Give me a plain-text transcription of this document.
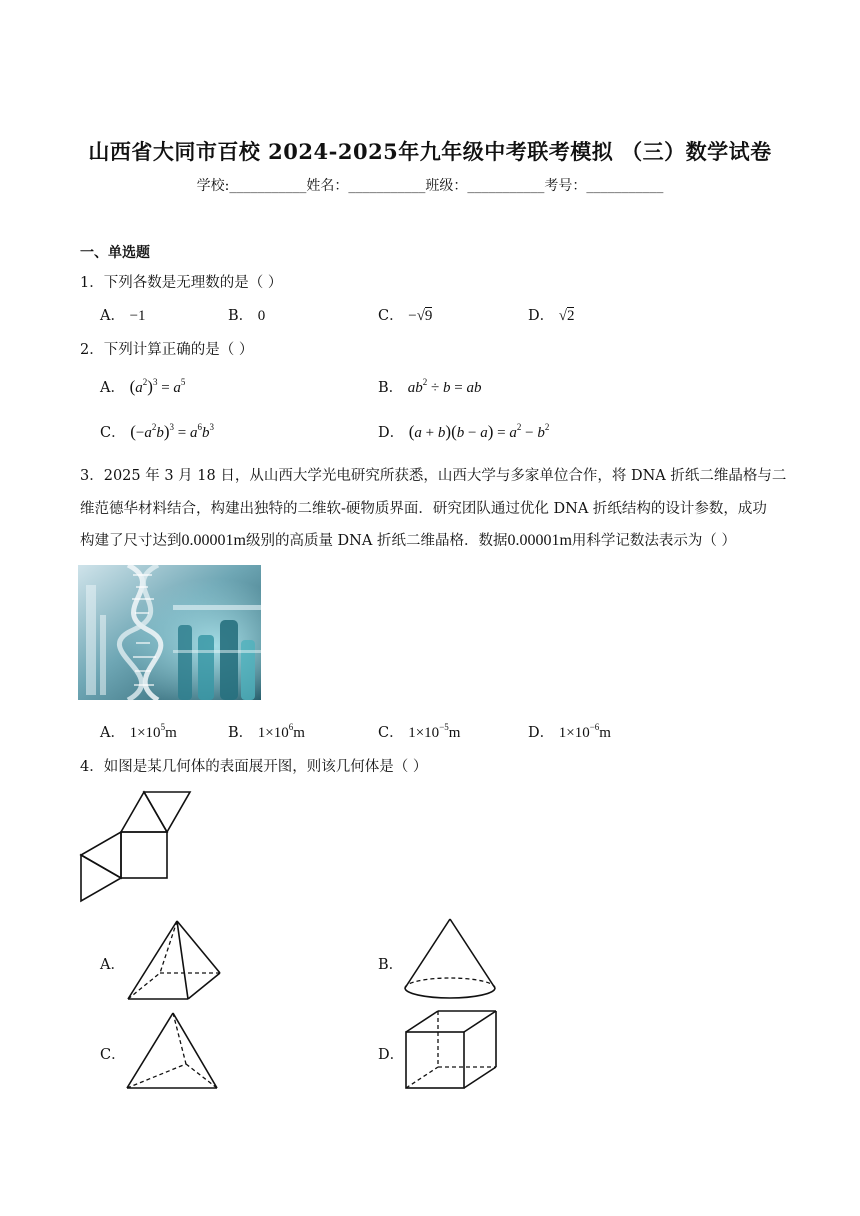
山西省大同市百校 2024-2025年九年级中考联考模拟 （三）数学试卷
学校:___________姓名：___________班级：___________考号：___________
一、单选题
1．下列各数是无理数的是（ ）
A． −1	B． 0	C． −√9	D． √2
2．下列计算正确的是（ ）
A． $(a^2)^3 = a^5$	B． $ab^2 \div b$ = ab
C． $(-a^2b)^3 = a^6b^3$	D． $(a + b)(b - a) = a^2 - b^2$
3．2025 年 3 月 18 日，从山西大学光电研究所获悉，山西大学与多家单位合作，将 DNA 折纸二维晶格与二
维范德华材料结合，构建出独特的二维软-硬物质界面．研究团队通过优化 DNA 折纸结构的设计参数，成功
构建了尺寸达到0.00001m级别的高质量 DNA 折纸二维晶格．数据0.00001m用科学记数法表示为（ ）
A． $1\times 10^5m$	B． $1\times 10^6m$	C． $1\times 10^{-5}m$	D． $1\times 10^{-6}m$
4．如图是某几何体的表面展开图，则该几何体是（ ）
A．	B．
C．	D．
